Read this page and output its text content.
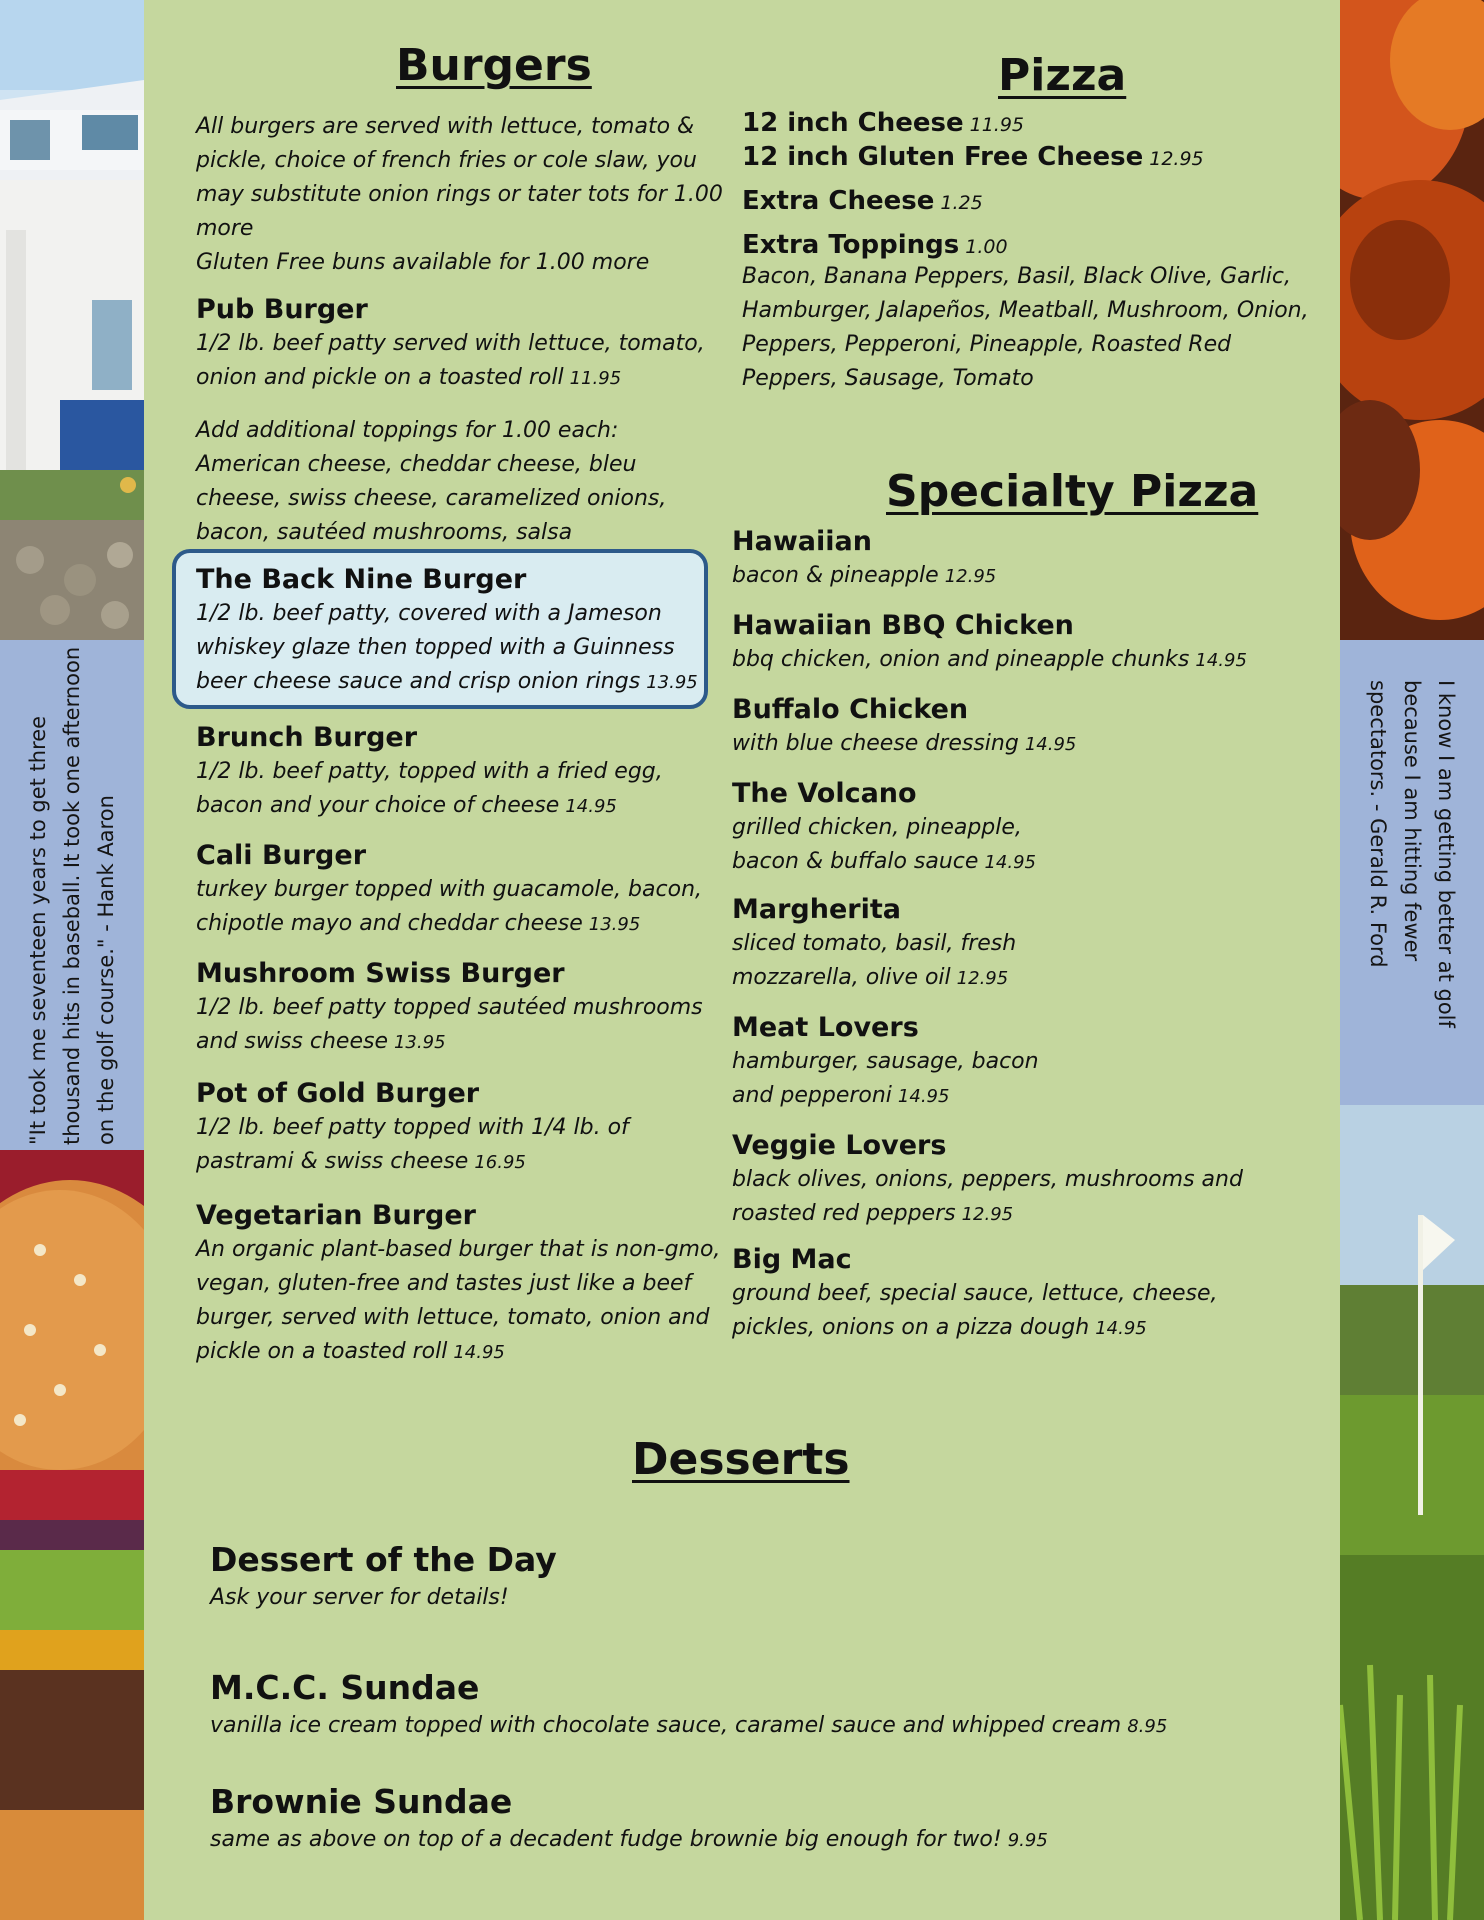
"It took me seventeen years to get three thousand hits in baseball. It took one afternoon on the golf course." - Hank Aaron	I know I am getting better at golf because I am hitting fewer spectators. - Gerald R. Ford
Burgers

All burgers are served with lettuce, tomato & pickle, choice of french fries or cole slaw, you may substitute onion rings or tater tots for 1.00 more

Gluten Free buns available for 1.00 more

Pub Burger

1/2 lb. beef patty served with lettuce, tomato, onion and pickle on a toasted roll 11.95

Add additional toppings for 1.00 each: American cheese, cheddar cheese, bleu cheese, swiss cheese, caramelized onions, bacon, sautéed mushrooms, salsa

The Back Nine Burger

1/2 lb. beef patty, covered with a Jameson whiskey glaze then topped with a Guinness beer cheese sauce and crisp onion rings 13.95

Brunch Burger

1/2 lb. beef patty, topped with a fried egg, bacon and your choice of cheese 14.95

Cali Burger

turkey burger topped with guacamole, bacon, chipotle mayo and cheddar cheese 13.95

Mushroom Swiss Burger

1/2 lb. beef patty topped sautéed mushrooms and swiss cheese 13.95

Pot of Gold Burger

1/2 lb. beef patty topped with 1/4 lb. of pastrami & swiss cheese 16.95

Vegetarian Burger

An organic plant-based burger that is non-gmo, vegan, gluten-free and tastes just like a beef burger, served with lettuce, tomato, onion and pickle on a toasted roll 14.95

Pizza

12 inch Cheese 11.95

12 inch Gluten Free Cheese 12.95

Extra Cheese 1.25

Extra Toppings 1.00

Bacon, Banana Peppers, Basil, Black Olive, Garlic, Hamburger, Jalapeños, Meatball, Mushroom, Onion, Peppers, Pepperoni, Pineapple, Roasted Red Peppers, Sausage, Tomato

Specialty Pizza

Hawaiian

bacon & pineapple 12.95

Hawaiian BBQ Chicken

bbq chicken, onion and pineapple chunks 14.95

Buffalo Chicken

with blue cheese dressing 14.95

The Volcano

grilled chicken, pineapple, bacon & buffalo sauce 14.95

Margherita

sliced tomato, basil, fresh mozzarella, olive oil 12.95

Meat Lovers

hamburger, sausage, bacon and pepperoni 14.95

Veggie Lovers

black olives, onions, peppers, mushrooms and roasted red peppers 12.95

Big Mac

ground beef, special sauce, lettuce, cheese, pickles, onions on a pizza dough 14.95

Desserts

Dessert of the Day

Ask your server for details!

M.C.C. Sundae

vanilla ice cream topped with chocolate sauce, caramel sauce and whipped cream 8.95

Brownie Sundae

same as above on top of a decadent fudge brownie big enough for two! 9.95
